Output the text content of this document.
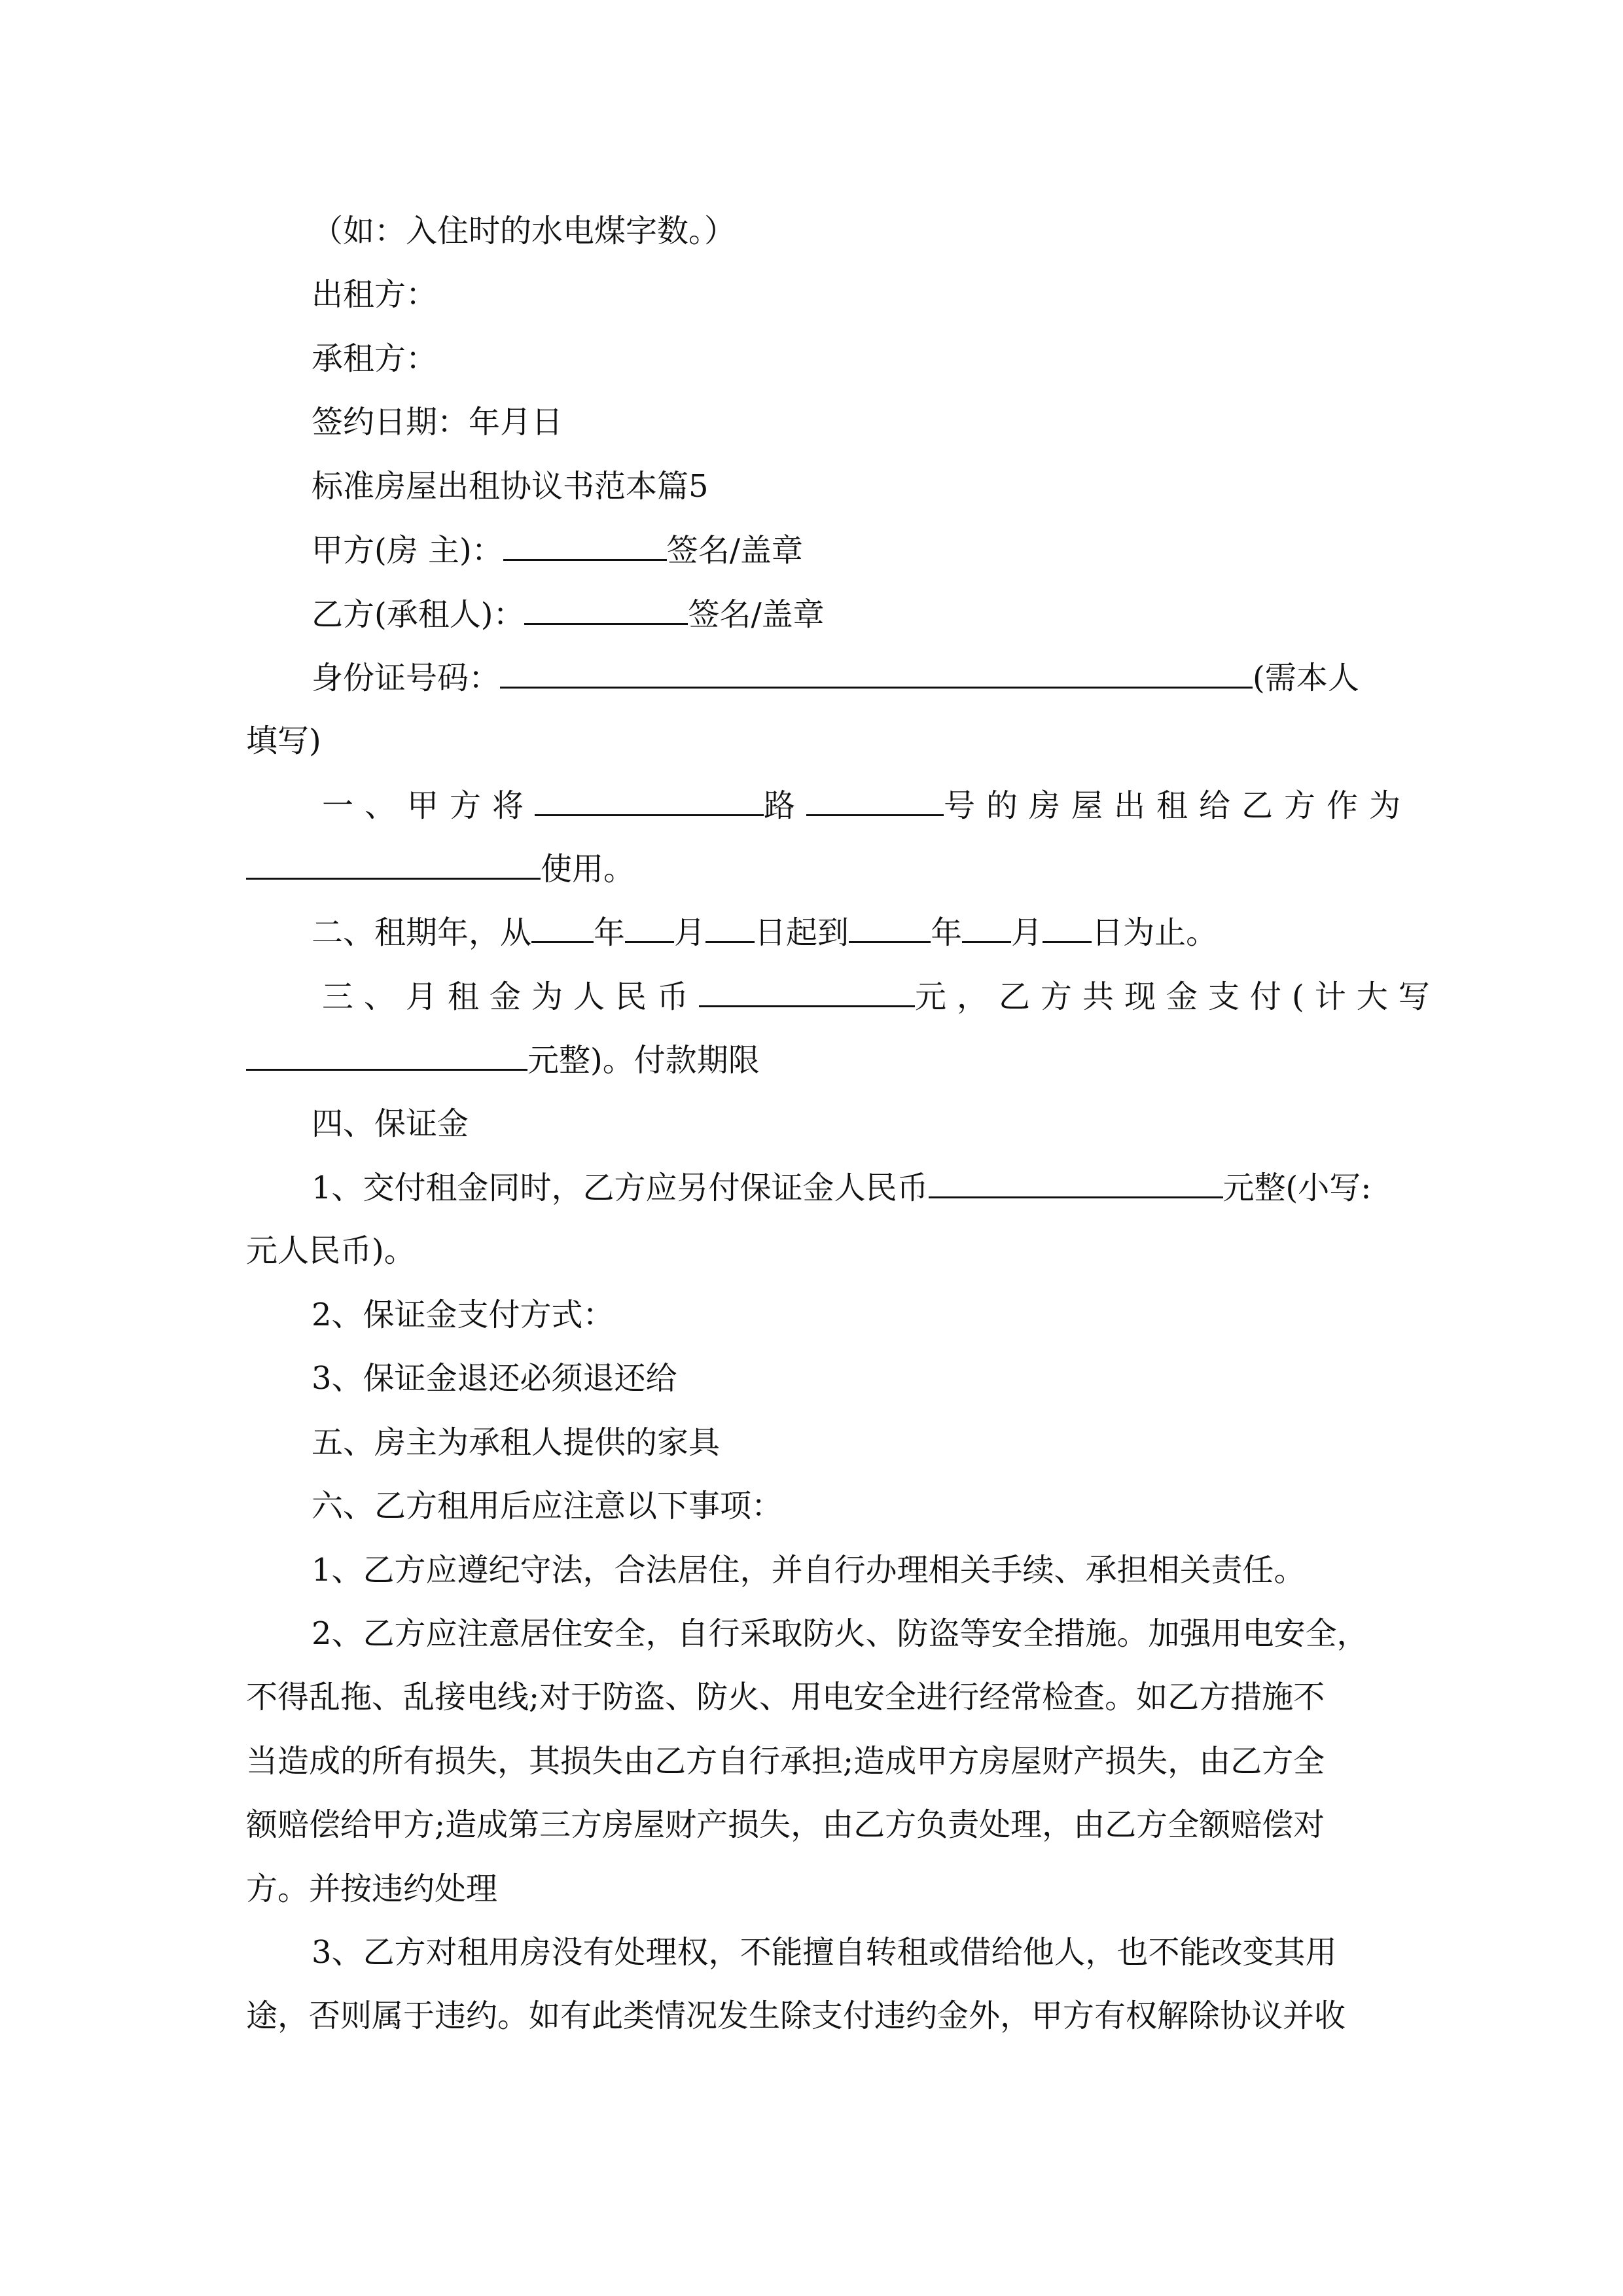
（如：入住时的水电煤字数。）
出租方：
承租方：
签约日期：年月日
标准房屋出租协议书范本篇5
甲方(房 主)：	签名/盖章
乙方(承租人)：	签名/盖章
身份证号码：	(需本人
填写)
一、甲方将	路	号的房屋出租给乙方作为
使用。
二、租期年，从 年 月 日起到	年 月 日为止。
三、月租金为人民币	元，乙方共现金支付(计大写
元整)。付款期限
四、保证金
1、交付租金同时，乙方应另付保证金人民币	元整(小写:
元人民币)。
2、保证金支付方式：
3、保证金退还必须退还给
五、房主为承租人提供的家具
六、乙方租用后应注意以下事项：
1、乙方应遵纪守法，合法居住，并自行办理相关手续、承担相关责任。
2、乙方应注意居住安全，自行采取防火、防盗等安全措施。加强用电安全，
不得乱拖、乱接电线;对于防盗、防火、用电安全进行经常检查。如乙方措施不
当造成的所有损失，其损失由乙方自行承担;造成甲方房屋财产损失，由乙方全
额赔偿给甲方;造成第三方房屋财产损失，由乙方负责处理，由乙方全额赔偿对
方。并按违约处理
3、乙方对租用房没有处理权，不能擅自转租或借给他人，也不能改变其用
途，否则属于违约。如有此类情况发生除支付违约金外，甲方有权解除协议并收
